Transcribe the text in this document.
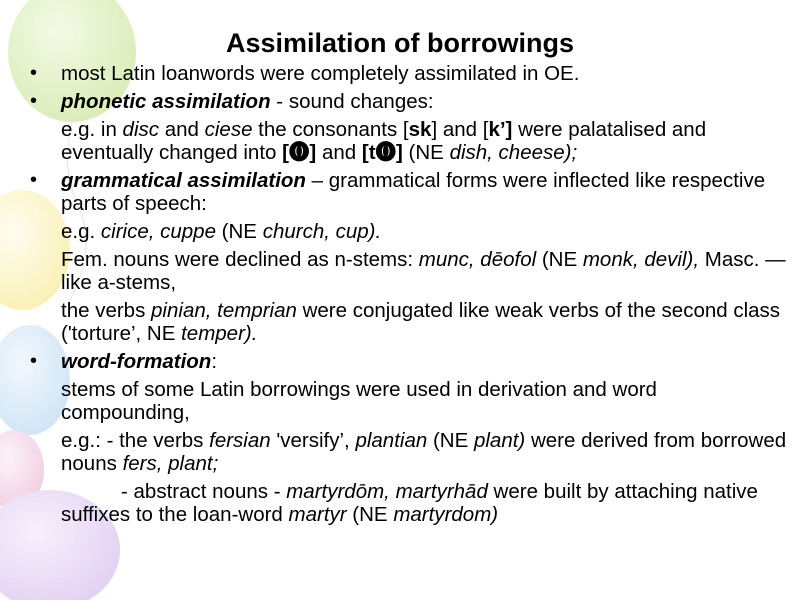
Assimilation of borrowings

• most Latin loanwords were completely assimilated in OE.

• phonetic assimilation - sound changes:

e.g. in disc and ciese the consonants [sk] and [k’] were palatalised and eventually changed into [⓿] and [t⓿] (NE dish, cheese);

• grammatical assimilation – grammatical forms were inflected like respective parts of speech:

e.g. cirice, cuppe (NE church, cup).

Fem. nouns were declined as n-stems: munc, dēofol (NE monk, devil), Masc. — like a-stems,

the verbs pinian, temprian were conjugated like weak verbs of the second class ('torture’, NE temper).

• word-formation:

stems of some Latin borrowings were used in derivation and word compounding,

e.g.: - the verbs fersian 'versify’, plantian (NE plant) were derived from borrowed nouns fers, plant;

- abstract nouns - martyrdōm, martyrhād were built by attaching native suffixes to the loan-word martyr (NE martyrdom)
